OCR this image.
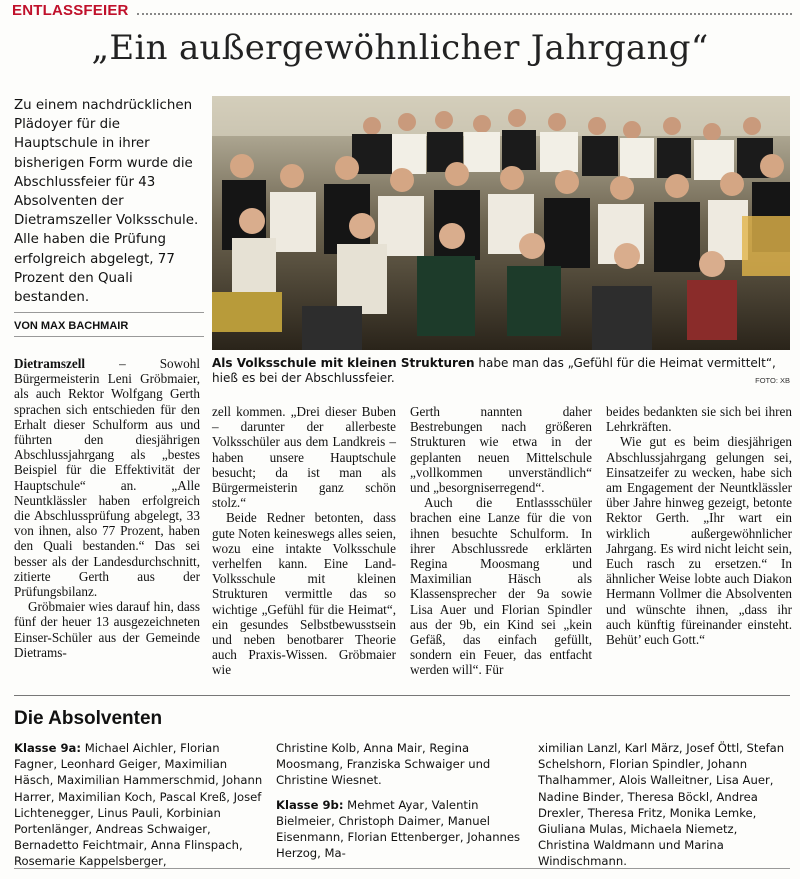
ENTLASSFEIER
„Ein außergewöhnlicher Jahrgang“
Zu einem nachdrücklichen Plädoyer für die Hauptschule in ihrer bisherigen Form wurde die Abschlussfeier für 43 Absolventen der Dietramszeller Volksschule. Alle haben die Prüfung erfolgreich abgelegt, 77 Prozent den Quali bestanden.
VON MAX BACHMAIR
Als Volksschule mit kleinen Strukturen habe man das „Gefühl für die Heimat vermittelt“, hieß es bei der Abschlussfeier.	FOTO: XB

Dietramszell – Sowohl Bürgermeisterin Leni Gröbmaier, als auch Rektor Wolfgang Gerth sprachen sich entschieden für den Erhalt dieser Schulform aus und führten den diesjährigen Abschlussjahrgang als „bestes Beispiel für die Effektivität der Hauptschule“ an. „Alle Neuntklässler haben erfolgreich die Abschlussprüfung abgelegt, 33 von ihnen, also 77 Prozent, haben den Quali bestanden.“ Das sei besser als der Landesdurchschnitt, zitierte Gerth aus der Prüfungsbilanz.

Gröbmaier wies darauf hin, dass fünf der heuer 13 ausgezeichneten Einser-Schüler aus der Gemeinde Dietrams-

zell kommen. „Drei dieser Buben – darunter der allerbeste Volksschüler aus dem Landkreis – haben unsere Hauptschule besucht; da ist man als Bürgermeisterin ganz schön stolz.“

Beide Redner betonten, dass gute Noten keineswegs alles seien, wozu eine intakte Volksschule verhelfen kann. Eine Land-Volksschule mit kleinen Strukturen vermittle das so wichtige „Gefühl für die Heimat“, ein gesundes Selbstbewusstsein und neben benotbarer Theorie auch Praxis-Wissen. Gröbmaier wie

Gerth nannten daher Bestrebungen nach größeren Strukturen wie etwa in der geplanten neuen Mittelschule „vollkommen unverständlich“ und „besorgniserregend“.

Auch die Entlassschüler brachen eine Lanze für die von ihnen besuchte Schulform. In ihrer Abschlussrede erklärten Regina Moosmang und Maximilian Häsch als Klassensprecher der 9a sowie Lisa Auer und Florian Spindler aus der 9b, ein Kind sei „kein Gefäß, das einfach gefüllt, sondern ein Feuer, das entfacht werden will“. Für

beides bedankten sie sich bei ihren Lehrkräften.

Wie gut es beim diesjährigen Abschlussjahrgang gelungen sei, Einsatzeifer zu wecken, habe sich am Engagement der Neuntklässler über Jahre hinweg gezeigt, betonte Rektor Gerth. „Ihr wart ein wirklich außergewöhnlicher Jahrgang. Es wird nicht leicht sein, Euch rasch zu ersetzen.“ In ähnlicher Weise lobte auch Diakon Hermann Vollmer die Absolventen und wünschte ihnen, „dass ihr auch künftig füreinander einsteht. Behüt’ euch Gott.“

Die Absolventen
Klasse 9a: Michael Aichler, Florian Fagner, Leonhard Geiger, Maximilian Häsch, Maximilian Hammerschmid, Johann Harrer, Maximilian Koch, Pascal Kreß, Josef Lichtenegger, Linus Pauli, Korbinian Portenlänger, Andreas Schwaiger, Bernadetto Feichtmair, Anna Flinspach, Rosemarie Kappelsberger,
Christine Kolb, Anna Mair, Regina Moosmang, Franziska Schwaiger und Christine Wiesnet.
Klasse 9b: Mehmet Ayar, Valentin Bielmeier, Christoph Daimer, Manuel Eisenmann, Florian Ettenberger, Johannes Herzog, Ma-
ximilian Lanzl, Karl März, Josef Öttl, Stefan Schelshorn, Florian Spindler, Johann Thalhammer, Alois Walleitner, Lisa Auer, Nadine Binder, Theresa Böckl, Andrea Drexler, Theresa Fritz, Monika Lemke, Giuliana Mulas, Michaela Niemetz, Christina Waldmann und Marina Windischmann.
